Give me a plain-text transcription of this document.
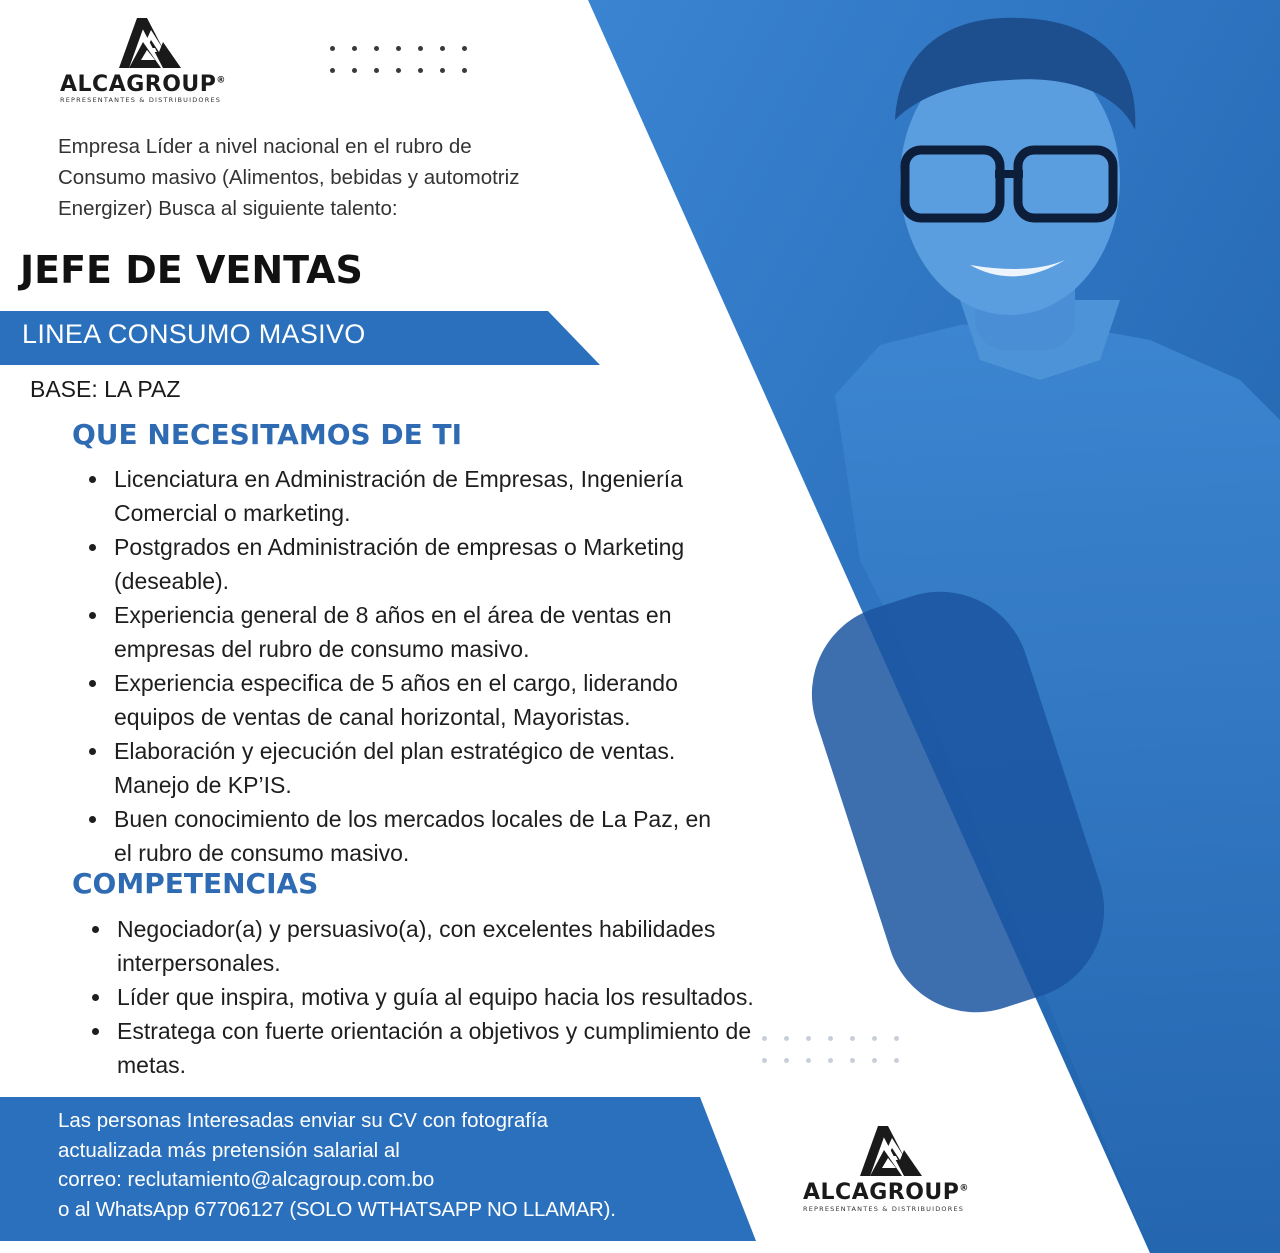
ALCAGROUP®
REPRESENTANTES & DISTRIBUIDORES
Empresa Líder a nivel nacional en el rubro de
Consumo masivo (Alimentos, bebidas y automotriz
Energizer) Busca al siguiente talento:
JEFE DE VENTAS
LINEA CONSUMO MASIVO
BASE: LA PAZ
QUE NECESITAMOS DE TI
Licenciatura en Administración de Empresas, Ingeniería
Comercial o marketing.
Postgrados en Administración de empresas o Marketing
(deseable).
Experiencia general de 8 años en el área de ventas en
empresas del rubro de consumo masivo.
Experiencia especifica de 5 años en el cargo, liderando
equipos de ventas de canal horizontal, Mayoristas.
Elaboración y ejecución del plan estratégico de ventas.
Manejo de KP’IS.
Buen conocimiento de los mercados locales de La Paz, en
el rubro de consumo masivo.
COMPETENCIAS
Negociador(a) y persuasivo(a), con excelentes habilidades
interpersonales.
Líder que inspira, motiva y guía al equipo hacia los resultados.
Estratega con fuerte orientación a objetivos y cumplimiento de
metas.
Las personas Interesadas enviar su CV con fotografía
actualizada más pretensión salarial al
correo: reclutamiento@alcagroup.com.bo
o al WhatsApp 67706127 (SOLO WTHATSAPP NO LLAMAR).
ALCAGROUP®
REPRESENTANTES & DISTRIBUIDORES
